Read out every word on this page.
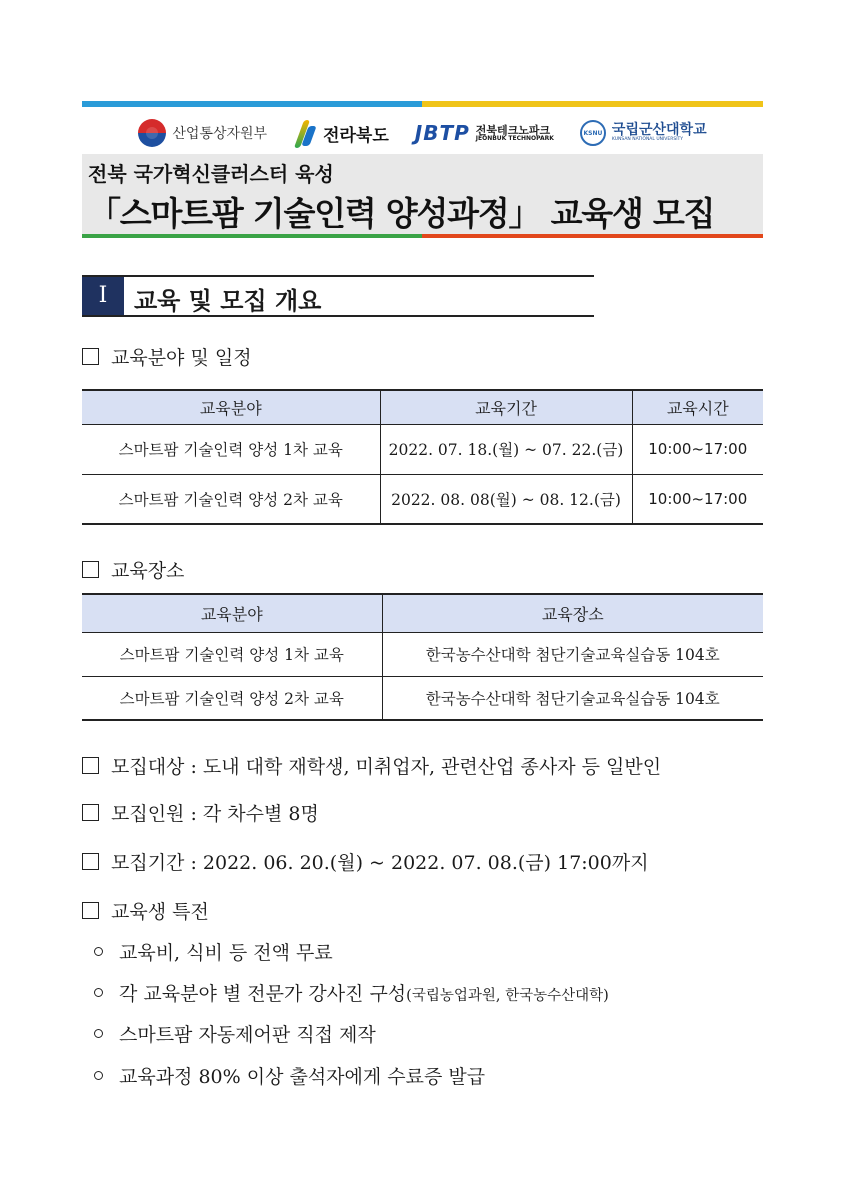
산업통상자원부	전라북도 JBTP 전북테크노파크
JEONBUK TECHNOPARK
KSNU 국립군산대학교
KUNSAN NATIONAL UNIVERSITY
전북 국가혁신클러스터 육성
「스마트팜 기술인력 양성과정」 교육생 모집
I	교육 및 모집 개요
교육분야 및 일정
교육분야	교육기간	교육시간
스마트팜 기술인력 양성 1차 교육	2022. 07. 18.(월) ~ 07. 22.(금)	10:00~17:00
스마트팜 기술인력 양성 2차 교육	2022. 08. 08(월) ~ 08. 12.(금)	10:00~17:00
교육장소
교육분야	교육장소
스마트팜 기술인력 양성 1차 교육	한국농수산대학 첨단기술교육실습동 104호
스마트팜 기술인력 양성 2차 교육	한국농수산대학 첨단기술교육실습동 104호
모집대상 : 도내 대학 재학생, 미취업자, 관련산업 종사자 등 일반인
모집인원 : 각 차수별 8명
모집기간 : 2022. 06. 20.(월) ~ 2022. 07. 08.(금) 17:00까지
교육생 특전
교육비, 식비 등 전액 무료
각 교육분야 별 전문가 강사진 구성(국립농업과원, 한국농수산대학)
스마트팜 자동제어판 직접 제작
교육과정 80% 이상 출석자에게 수료증 발급
